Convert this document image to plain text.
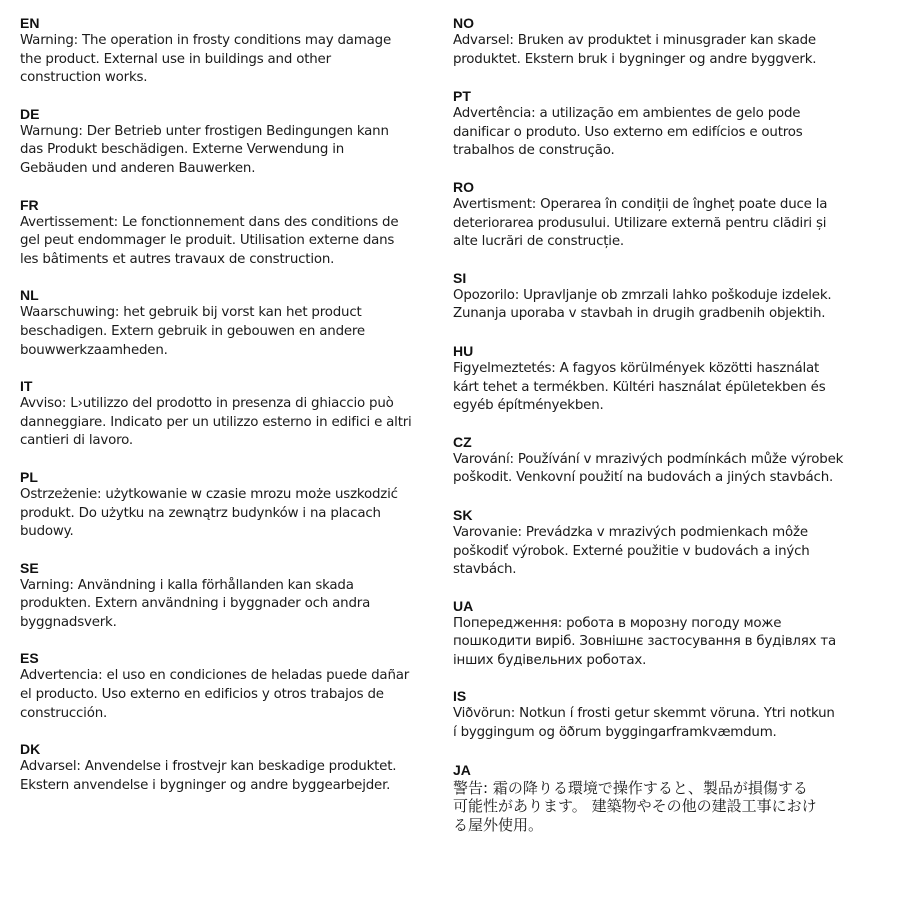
EN
Warning: The operation in frosty conditions may damage
the product. External use in buildings and other
construction works.
DE
Warnung: Der Betrieb unter frostigen Bedingungen kann
das Produkt beschädigen. Externe Verwendung in
Gebäuden und anderen Bauwerken.
FR
Avertissement: Le fonctionnement dans des conditions de
gel peut endommager le produit. Utilisation externe dans
les bâtiments et autres travaux de construction.
NL
Waarschuwing: het gebruik bij vorst kan het product
beschadigen. Extern gebruik in gebouwen en andere
bouwwerkzaamheden.
IT
Avviso: L›utilizzo del prodotto in presenza di ghiaccio può
danneggiare. Indicato per un utilizzo esterno in edifici e altri
cantieri di lavoro.
PL
Ostrzeżenie: użytkowanie w czasie mrozu może uszkodzić
produkt. Do użytku na zewnątrz budynków i na placach
budowy.
SE
Varning: Användning i kalla förhållanden kan skada
produkten. Extern användning i byggnader och andra
byggnadsverk.
ES
Advertencia: el uso en condiciones de heladas puede dañar
el producto. Uso externo en edificios y otros trabajos de
construcción.
DK
Advarsel: Anvendelse i frostvejr kan beskadige produktet.
Ekstern anvendelse i bygninger og andre byggearbejder.
NO
Advarsel: Bruken av produktet i minusgrader kan skade
produktet. Ekstern bruk i bygninger og andre byggverk.
PT
Advertência: a utilização em ambientes de gelo pode
danificar o produto. Uso externo em edifícios e outros
trabalhos de construção.
RO
Avertisment: Operarea în condiții de îngheț poate duce la
deteriorarea produsului. Utilizare externă pentru clădiri și
alte lucrări de construcție.
SI
Opozorilo: Upravljanje ob zmrzali lahko poškoduje izdelek.
Zunanja uporaba v stavbah in drugih gradbenih objektih.
HU
Figyelmeztetés: A fagyos körülmények közötti használat
kárt tehet a termékben. Kültéri használat épületekben és
egyéb építményekben.
CZ
Varování: Používání v mrazivých podmínkách může výrobek
poškodit. Venkovní použití na budovách a jiných stavbách.
SK
Varovanie: Prevádzka v mrazivých podmienkach môže
poškodiť výrobok. Externé použitie v budovách a iných
stavbách.
UA
Попередження: робота в морозну погоду може
пошкодити виріб. Зовнішнє застосування в будівлях та
інших будівельних роботах.
IS
Viðvörun: Notkun í frosti getur skemmt vöruna. Ytri notkun
í byggingum og öðrum byggingarframkvæmdum.
JA
警告: 霜の降りる環境で操作すると、製品が損傷する
可能性があります。 建築物やその他の建設工事におけ
る屋外使用。
